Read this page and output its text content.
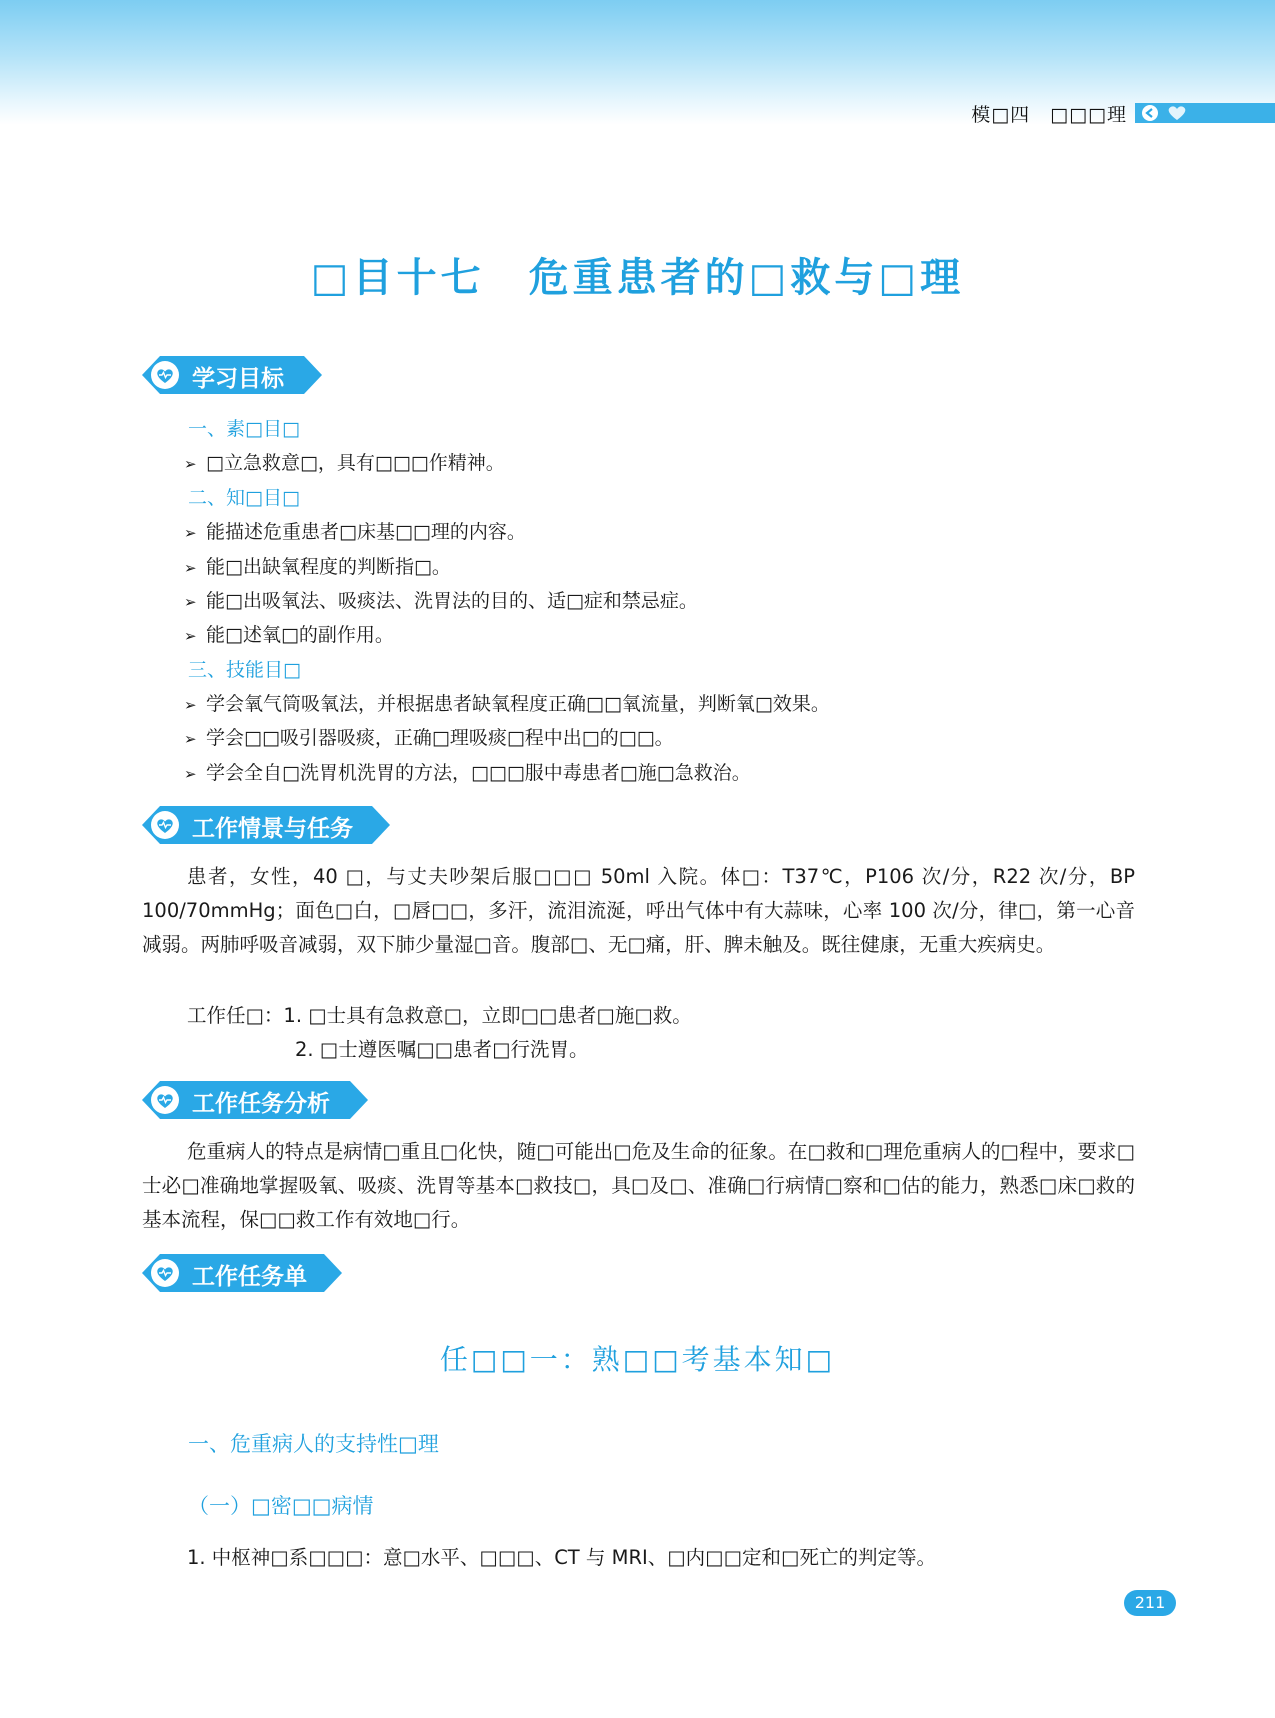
模□四　□□□理
□目十七　危重患者的□救与□理
学习目标
一、素□目□
➢ □立急救意□，具有□□□作精神。
二、知□目□
➢ 能描述危重患者□床基□□理的内容。
➢ 能□出缺氧程度的判断指□。
➢ 能□出吸氧法、吸痰法、洗胃法的目的、适□症和禁忌症。
➢ 能□述氧□的副作用。
三、技能目□
➢ 学会氧气筒吸氧法，并根据患者缺氧程度正确□□氧流量，判断氧□效果。
➢ 学会□□吸引器吸痰，正确□理吸痰□程中出□的□□。
➢ 学会全自□洗胃机洗胃的方法，□□□服中毒患者□施□急救治。
工作情景与任务
患者，女性，40 □，与丈夫吵架后服□□□ 50ml 入院。体□：T37℃，P106 次/分，R22 次/分，BP 100/70mmHg；面色□白，□唇□□，多汗，流泪流涎，呼出气体中有大蒜味，心率 100 次/分，律□，第一心音减弱。两肺呼吸音减弱，双下肺少量湿□音。腹部□、无□痛，肝、脾未触及。既往健康，无重大疾病史。
工作任□：1. □士具有急救意□，立即□□患者□施□救。
2. □士遵医嘱□□患者□行洗胃。
工作任务分析
危重病人的特点是病情□重且□化快，随□可能出□危及生命的征象。在□救和□理危重病人的□程中，要求□士必□准确地掌握吸氧、吸痰、洗胃等基本□救技□，具□及□、准确□行病情□察和□估的能力，熟悉□床□救的基本流程，保□□救工作有效地□行。
工作任务单
任□□一：熟□□考基本知□
一、危重病人的支持性□理
（一）□密□□病情
1. 中枢神□系□□□：意□水平、□□□、CT 与 MRI、□内□□定和□死亡的判定等。
211
